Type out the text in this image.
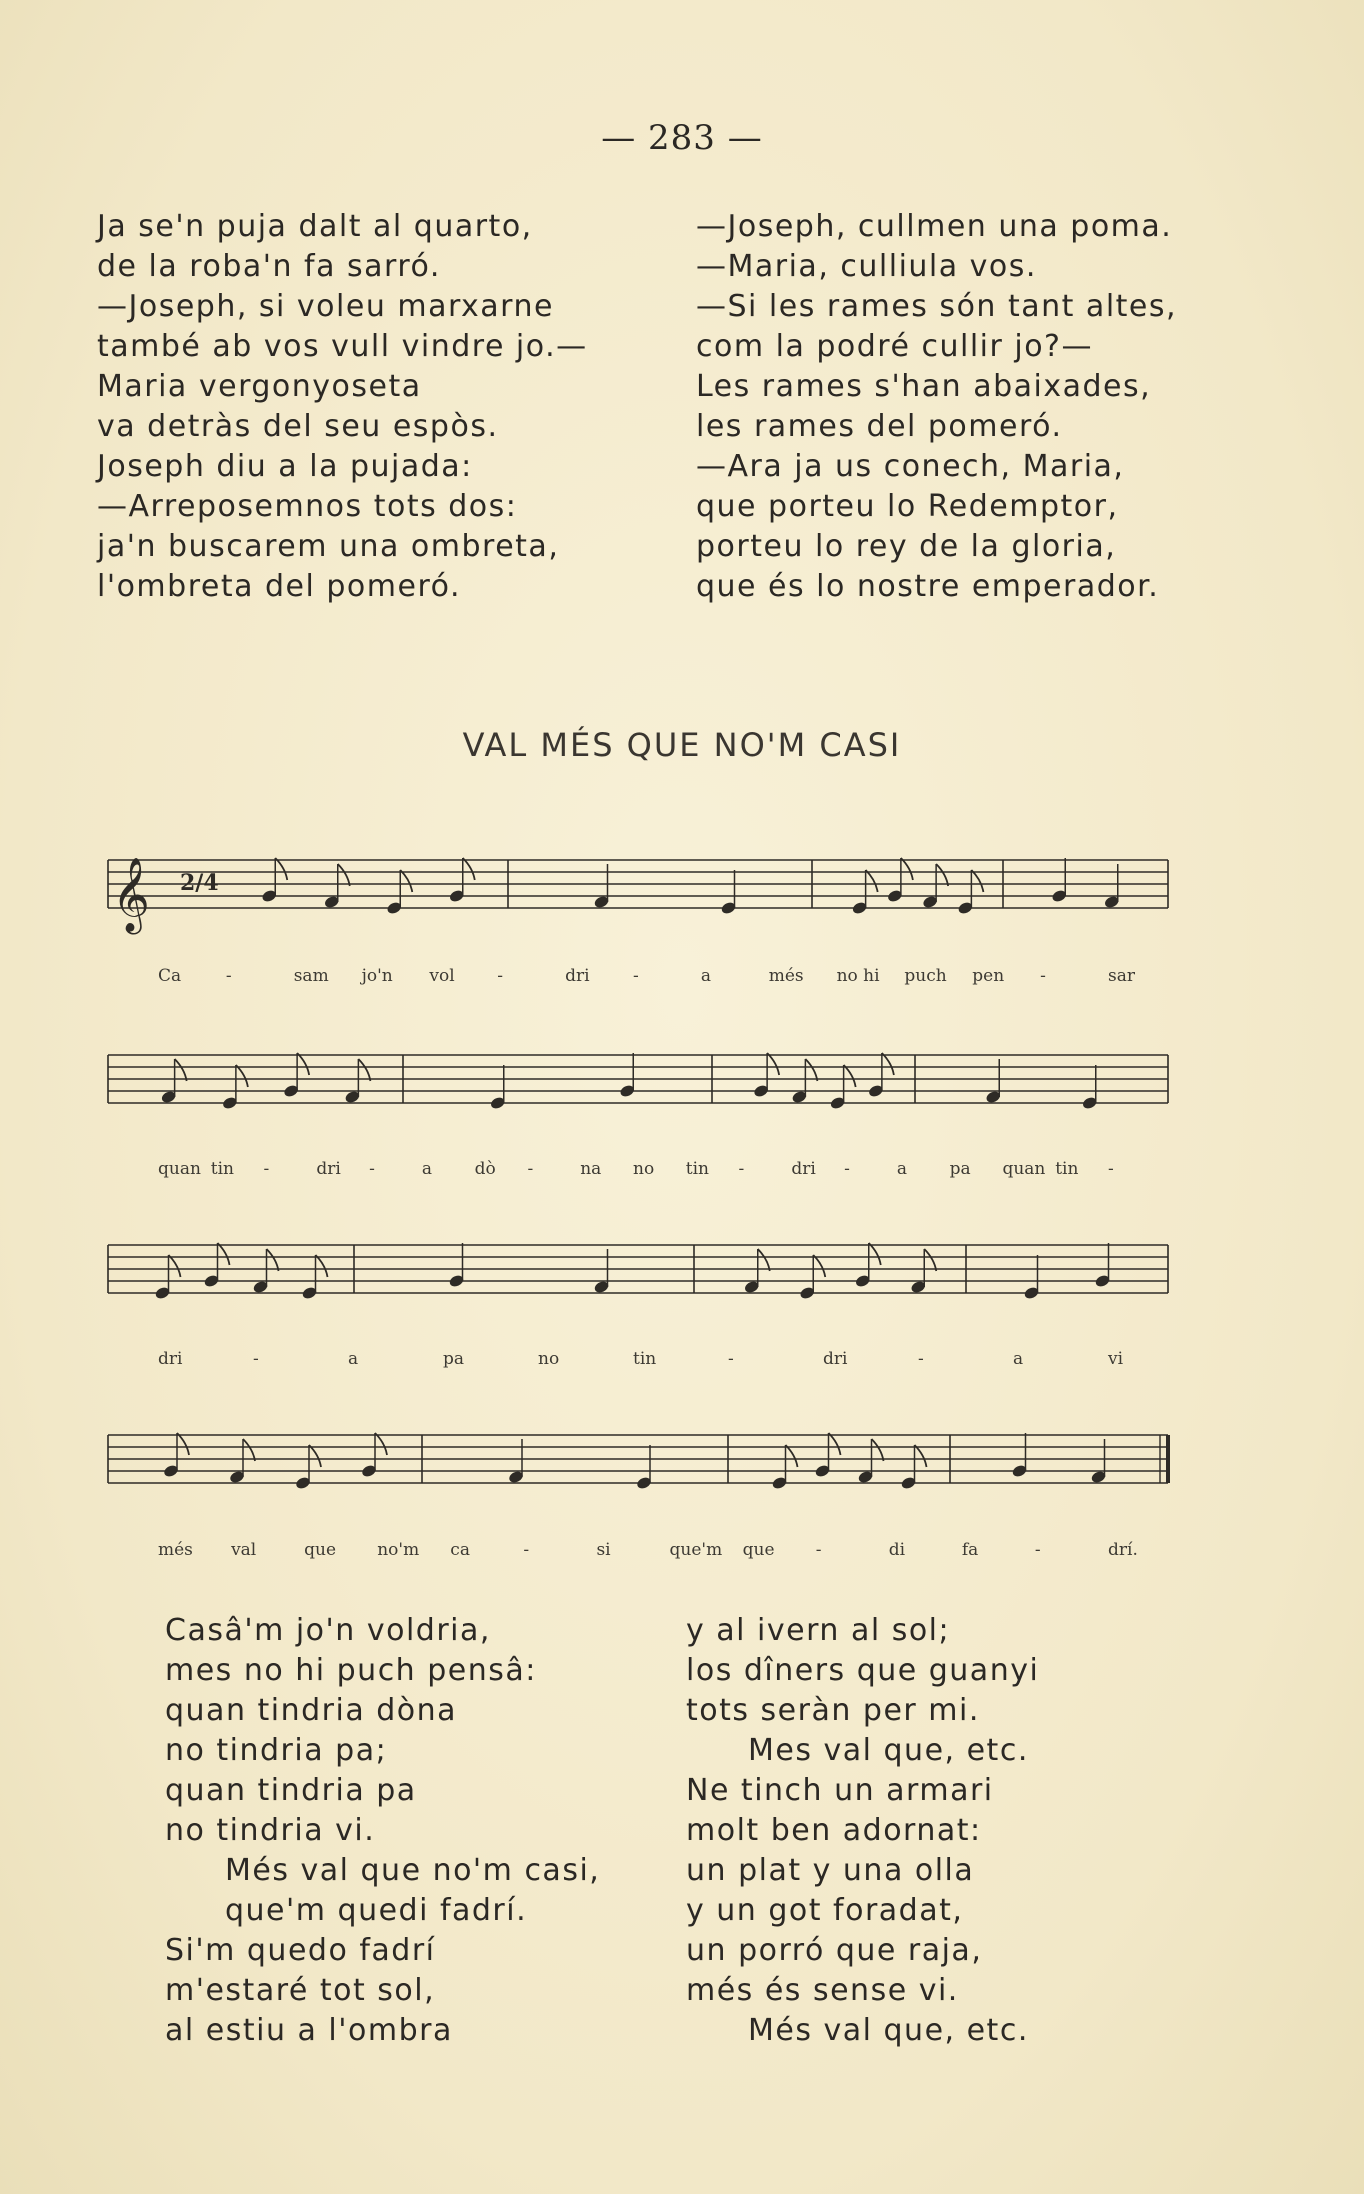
— 283 —
Ja se'n puja dalt al quarto,
de la roba'n fa sarró.
—Joseph, si voleu marxarne
també ab vos vull vindre jo.—
Maria vergonyoseta
va detràs del seu espòs.
Joseph diu a la pujada:
—Arreposemnos tots dos:
ja'n buscarem una ombreta,
l'ombreta del pomeró.
—Joseph, cullmen una poma.
—Maria, culliula vos.
—Si les rames són tant altes,
com la podré cullir jo?—
Les rames s'han abaixades,
les rames del pomeró.
—Ara ja us conech, Maria,
que porteu lo Redemptor,
porteu lo rey de la gloria,
que és lo nostre emperador.
VAL MÉS QUE NO'M CASI
𝄞 2/4
Ca	-	sam jo'n vol	-	dri	-	a	més no hi puch pen -	sar
quan tin -	dri -	a	dò -	na no tin -	dri -	a	pa quan tin -
dri	-	a	pa	no	tin	-	dri	-	a	vi
més val	que no'm ca	-	si	que'm que -	di	fa	-	drí.
Casâ'm jo'n voldria,
mes no hi puch pensâ:
quan tindria dòna
no tindria pa;
quan tindria pa
no tindria vi.
Més val que no'm casi,
que'm quedi fadrí.
Si'm quedo fadrí
m'estaré tot sol,
al estiu a l'ombra
y al ivern al sol;
los dîners que guanyi
tots seràn per mi.
Mes val que, etc.
Ne tinch un armari
molt ben adornat:
un plat y una olla
y un got foradat,
un porró que raja,
més és sense vi.
Més val que, etc.
